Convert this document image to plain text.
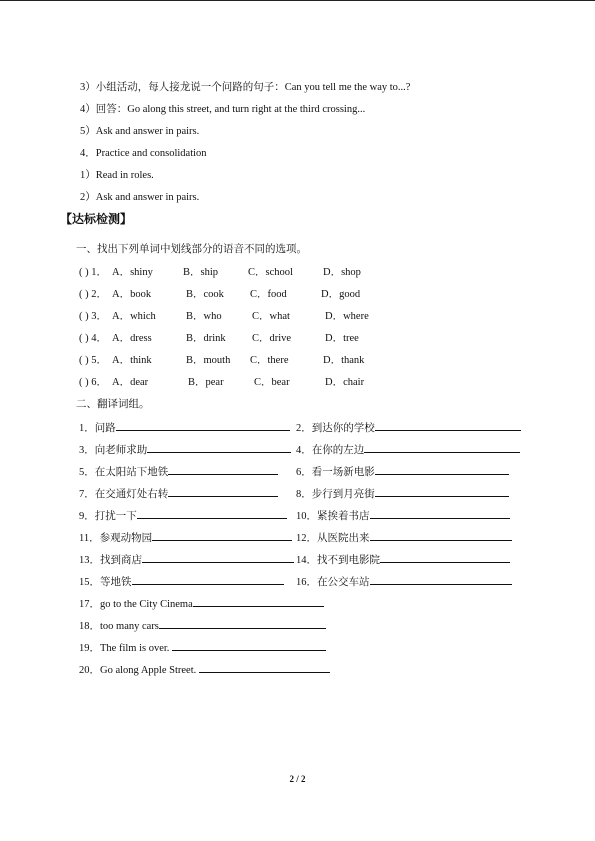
3）小组活动，每人接龙说一个问路的句子：Can you tell me the way to...?
4）回答：Go along this street, and turn right at the third crossing...
5）Ask and answer in pairs.
4．Practice and consolidation
1）Read in roles.
2）Ask and answer in pairs.
【达标检测】
一、找出下列单词中划线部分的语音不同的选项。
( ) 1． A．shiny	B．ship	C．school	D．shop
( ) 2． A．book	B．cook C．food	D．good
( ) 3． A．which	B．who	C．what	D．where
( ) 4． A．dress	B．drink	C．drive	D．tree
( ) 5． A．think	B．mouth C．there	D．thank
( ) 6． A．dear	B．pear	C．bear	D．chair
二、翻译词组。
1．问路	2．到达你的学校
3．向老师求助	4．在你的左边
5．在太阳站下地铁	6．看一场新电影
7．在交通灯处右转	8．步行到月亮街
9．打扰一下	10．紧挨着书店
11．参观动物园	12．从医院出来
13．找到商店	14．找不到电影院
15．等地铁	16．在公交车站
17．go to the City Cinema
18．too many cars
19．The film is over.
20．Go along Apple Street.
2 / 2
